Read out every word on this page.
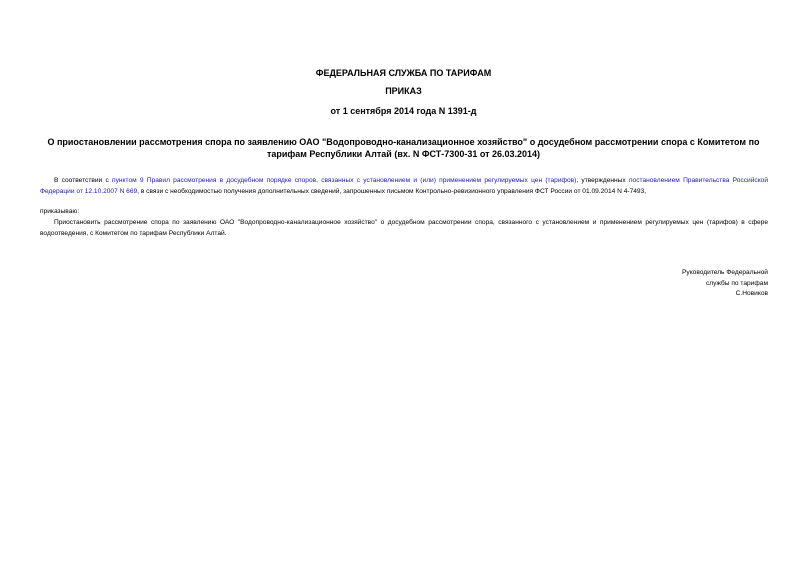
ФЕДЕРАЛЬНАЯ СЛУЖБА ПО ТАРИФАМ
ПРИКАЗ
от 1 сентября 2014 года N 1391-д
О приостановлении рассмотрения спора по заявлению ОАО "Водопроводно-канализационное хозяйство" о досудебном рассмотрении спора с Комитетом по
тарифам Республики Алтай (вх. N ФСТ-7300-31 от 26.03.2014)
В соответствии с пунктом 9 Правил рассмотрения в досудебном порядке споров, связанных с установлением и (или) применением регулируемых цен (тарифов), утвержденных постановлением Правительства Российской Федерации от 12.10.2007 N 669, в связи с необходимостью получения дополнительных сведений, запрошенных письмом Контрольно-ревизионного управления ФСТ России от 01.09.2014 N 4-7493,
приказываю:
Приостановить рассмотрение спора по заявлению ОАО "Водопроводно-канализационное хозяйство" о досудебном рассмотрении спора, связанного с установлением и применением регулируемых цен (тарифов) в сфере водоотведения, с Комитетом по тарифам Республики Алтай.
Руководитель Федеральной
службы по тарифам
С.Новиков
